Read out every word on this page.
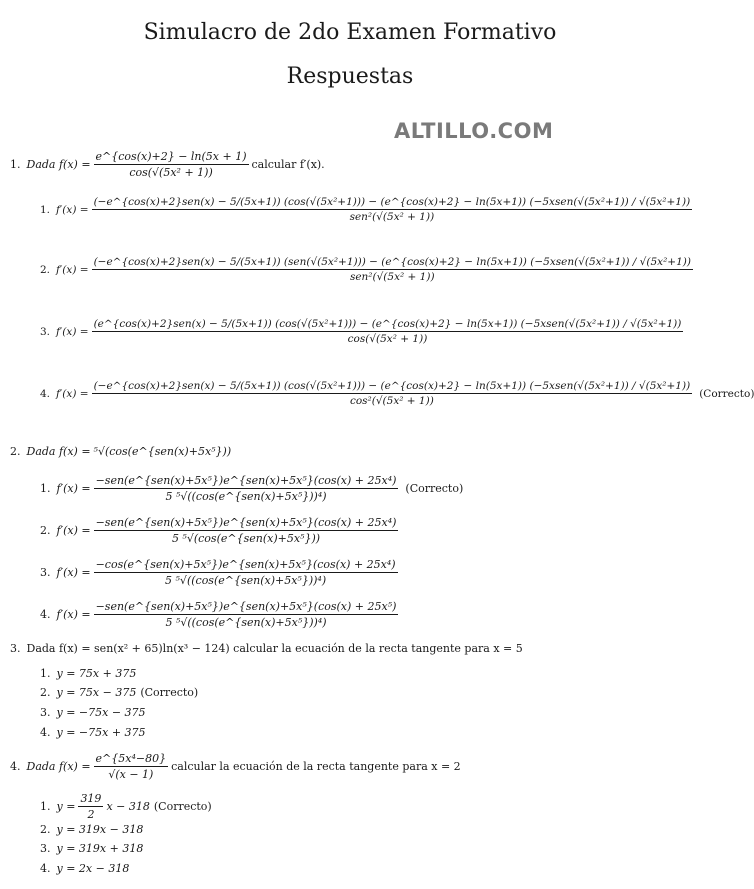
Simulacro de 2do Examen Formativo
Respuestas
ALTILLO.COM
1. Dada $f(x) = \frac{e\^{}\{\cos(x)+2\} - \ln(5x + 1)}{\text{cos(√(5x² + 1))}}$ calcular f′(x).
1. f′(x) =
(−e^{cos(x)+2}sen(x) − 5/(5x+1)) (cos(√(5x²+1))) − (e^{cos(x)+2} − ln(5x+1)) (−5xsen(√(5x²+1)) / √(5x²+1))
sen²(√(5x² + 1))
2. f′(x) =
(−e^{cos(x)+2}sen(x) − 5/(5x+1)) (sen(√(5x²+1))) − (e^{cos(x)+2} − ln(5x+1)) (−5xsen(√(5x²+1)) / √(5x²+1))
sen²(√(5x² + 1))
3. f′(x) =
(e^{cos(x)+2}sen(x) − 5/(5x+1)) (cos(√(5x²+1))) − (e^{cos(x)+2} − ln(5x+1)) (−5xsen(√(5x²+1)) / √(5x²+1))
cos(√(5x² + 1))
4. f′(x) =
(−e^{cos(x)+2}sen(x) − 5/(5x+1)) (cos(√(5x²+1))) − (e^{cos(x)+2} − ln(5x+1)) (−5xsen(√(5x²+1)) / √(5x²+1))
cos²(√(5x² + 1))
(Correcto)
2. Dada f(x) = ⁵√(cos(e^{sen(x)+5x⁵}))
1. $f'(x) = \frac{\text{−sen(e\textasciicircum{}\{sen(x)+5x⁵\})e\textasciicircum{}\{sen(x)+5x⁵\}(cos(x) + 25x⁴)}}{\text{5 ⁵√((cos(e\textasciicircum{}\{sen(x)+5x⁵\}))⁴)}}$ (Correcto)
2. $f'(x) = \frac{\text{−sen(e\textasciicircum{}\{sen(x)+5x⁵\})e\textasciicircum{}\{sen(x)+5x⁵\}(cos(x) + 25x⁴)}}{\text{5 ⁵√(cos(e\textasciicircum{}\{sen(x)+5x⁵\}))}}$
3. $f'(x) = \frac{\text{−cos(e\textasciicircum{}\{sen(x)+5x⁵\})e\textasciicircum{}\{sen(x)+5x⁵\}(cos(x) + 25x⁴)}}{\text{5 ⁵√((cos(e\textasciicircum{}\{sen(x)+5x⁵\}))⁴)}}$
4. $f'(x) = \frac{\text{−sen(e\textasciicircum{}\{sen(x)+5x⁵\})e\textasciicircum{}\{sen(x)+5x⁵\}(cos(x) + 25x⁵)}}{\text{5 ⁵√((cos(e\textasciicircum{}\{sen(x)+5x⁵\}))⁴)}}$
3. Dada f(x) = sen(x² + 65)ln(x³ − 124) calcular la ecuación de la recta tangente para x = 5
1. y = 75x + 375
2. y = 75x − 375 (Correcto)
3. y = −75x − 375
4. y = −75x + 375
4. Dada $f(x) = \frac{\text{e\textasciicircum{}\{5x⁴−80\}}}{√(x - 1)}$ calcular la ecuación de la recta tangente para x = 2
1. $y = \frac{319}{2}$ x − 318 (Correcto)
2. y = 319x − 318
3. y = 319x + 318
4. y = 2x − 318
